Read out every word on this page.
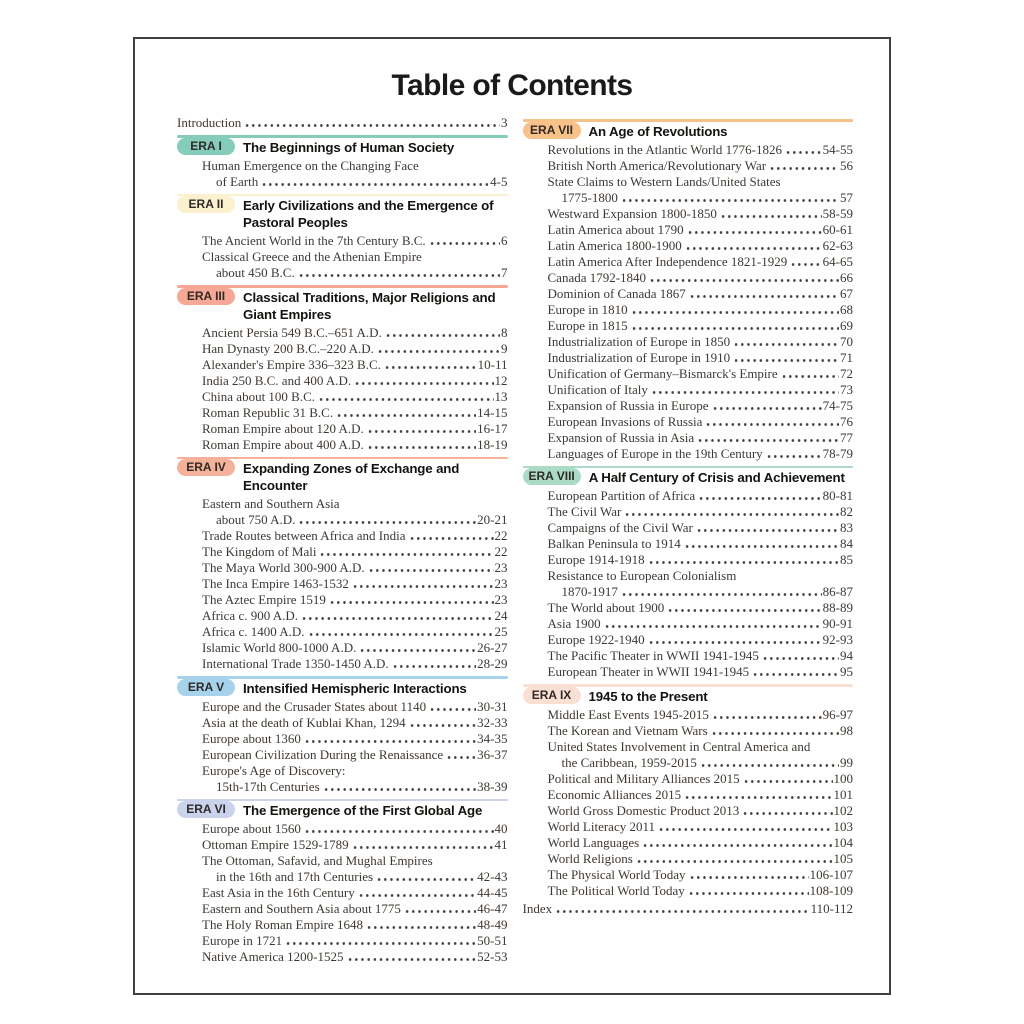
Table of Contents
Introduction	3
ERA I	The Beginnings of Human Society
Human Emergence on the Changing Face
of Earth	4-5
ERA II	Early Civilizations and the Emergence of Pastoral Peoples
The Ancient World in the 7th Century B.C.	6
Classical Greece and the Athenian Empire
about 450 B.C.	7
ERA III	Classical Traditions, Major Religions and Giant Empires
Ancient Persia 549 B.C.–651 A.D.	8
Han Dynasty 200 B.C.–220 A.D.	9
Alexander's Empire 336–323 B.C.	10-11
India 250 B.C. and 400 A.D.	12
China about 100 B.C.	13
Roman Republic 31 B.C.	14-15
Roman Empire about 120 A.D.	16-17
Roman Empire about 400 A.D.	18-19
ERA IV	Expanding Zones of Exchange and Encounter
Eastern and Southern Asia
about 750 A.D.	20-21
Trade Routes between Africa and India	22
The Kingdom of Mali	22
The Maya World 300-900 A.D.	23
The Inca Empire 1463-1532	23
The Aztec Empire 1519	23
Africa c. 900 A.D.	24
Africa c. 1400 A.D.	25
Islamic World 800-1000 A.D.	26-27
International Trade 1350-1450 A.D.	28-29
ERA V	Intensified Hemispheric Interactions
Europe and the Crusader States about 1140	30-31
Asia at the death of Kublai Khan, 1294	32-33
Europe about 1360	34-35
European Civilization During the Renaissance	36-37
Europe's Age of Discovery:
15th-17th Centuries	38-39
ERA VI	The Emergence of the First Global Age
Europe about 1560	40
Ottoman Empire 1529-1789	41
The Ottoman, Safavid, and Mughal Empires
in the 16th and 17th Centuries	42-43
East Asia in the 16th Century	44-45
Eastern and Southern Asia about 1775	46-47
The Holy Roman Empire 1648	48-49
Europe in 1721	50-51
Native America 1200-1525	52-53
ERA VII	An Age of Revolutions
Revolutions in the Atlantic World 1776-1826	54-55
British North America/Revolutionary War	56
State Claims to Western Lands/United States
1775-1800	57
Westward Expansion 1800-1850	58-59
Latin America about 1790	60-61
Latin America 1800-1900	62-63
Latin America After Independence 1821-1929	64-65
Canada 1792-1840	66
Dominion of Canada 1867	67
Europe in 1810	68
Europe in 1815	69
Industrialization of Europe in 1850	70
Industrialization of Europe in 1910	71
Unification of Germany–Bismarck's Empire	72
Unification of Italy	73
Expansion of Russia in Europe	74-75
European Invasions of Russia	76
Expansion of Russia in Asia	77
Languages of Europe in the 19th Century	78-79
ERA VIII	A Half Century of Crisis and Achievement
European Partition of Africa	80-81
The Civil War	82
Campaigns of the Civil War	83
Balkan Peninsula to 1914	84
Europe 1914-1918	85
Resistance to European Colonialism
1870-1917	86-87
The World about 1900	88-89
Asia 1900	90-91
Europe 1922-1940	92-93
The Pacific Theater in WWII 1941-1945	94
European Theater in WWII 1941-1945	95
ERA IX	1945 to the Present
Middle East Events 1945-2015	96-97
The Korean and Vietnam Wars	98
United States Involvement in Central America and
the Caribbean, 1959-2015	99
Political and Military Alliances 2015	100
Economic Alliances 2015	101
World Gross Domestic Product 2013	102
World Literacy 2011	103
World Languages	104
World Religions	105
The Physical World Today	106-107
The Political World Today	108-109
Index	110-112
